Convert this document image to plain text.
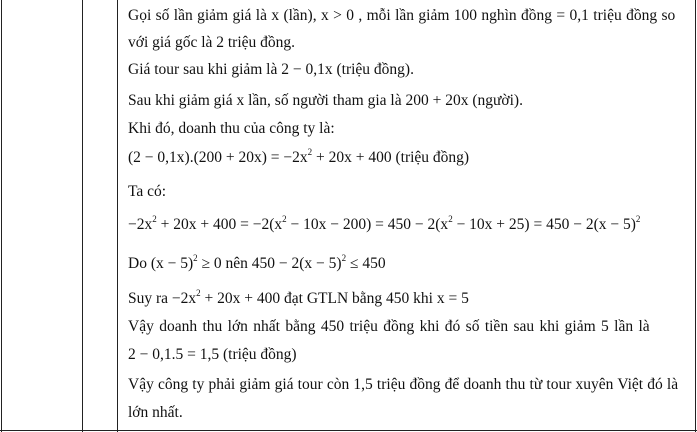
Gọi số lần giảm giá là x (lần), x > 0 , mỗi lần giảm 100 nghìn đồng = 0,1 triệu đồng so
với giá gốc là 2 triệu đồng.
Giá tour sau khi giảm là 2 − 0,1x (triệu đồng).
Sau khi giảm giá x lần, số người tham gia là 200 + 20x (người).
Khi đó, doanh thu của công ty là:
$(2 - 0,1x).(200 + 20x) = -2x^2 + 20x + 400$ (triệu đồng)
Ta có:
$-2x^2 + 20x + 400 = -2(x^2 - 10x - 200) = 450 - 2(x^2 - 10x + 25) = 450 - 2(x - 5)^2$
Do $(x - 5)^2 \ge 0$ nên $450 - 2(x - 5)^2 \le 450$
Suy ra $-2x^2 + 20x + 400$ đạt GTLN bằng 450 khi x = 5
Vậy doanh thu lớn nhất bằng 450 triệu đồng khi đó số tiền sau khi giảm 5 lần là
2 − 0,1.5 = 1,5 (triệu đồng)
Vậy công ty phải giảm giá tour còn 1,5 triệu đồng để doanh thu từ tour xuyên Việt đó là
lớn nhất.
